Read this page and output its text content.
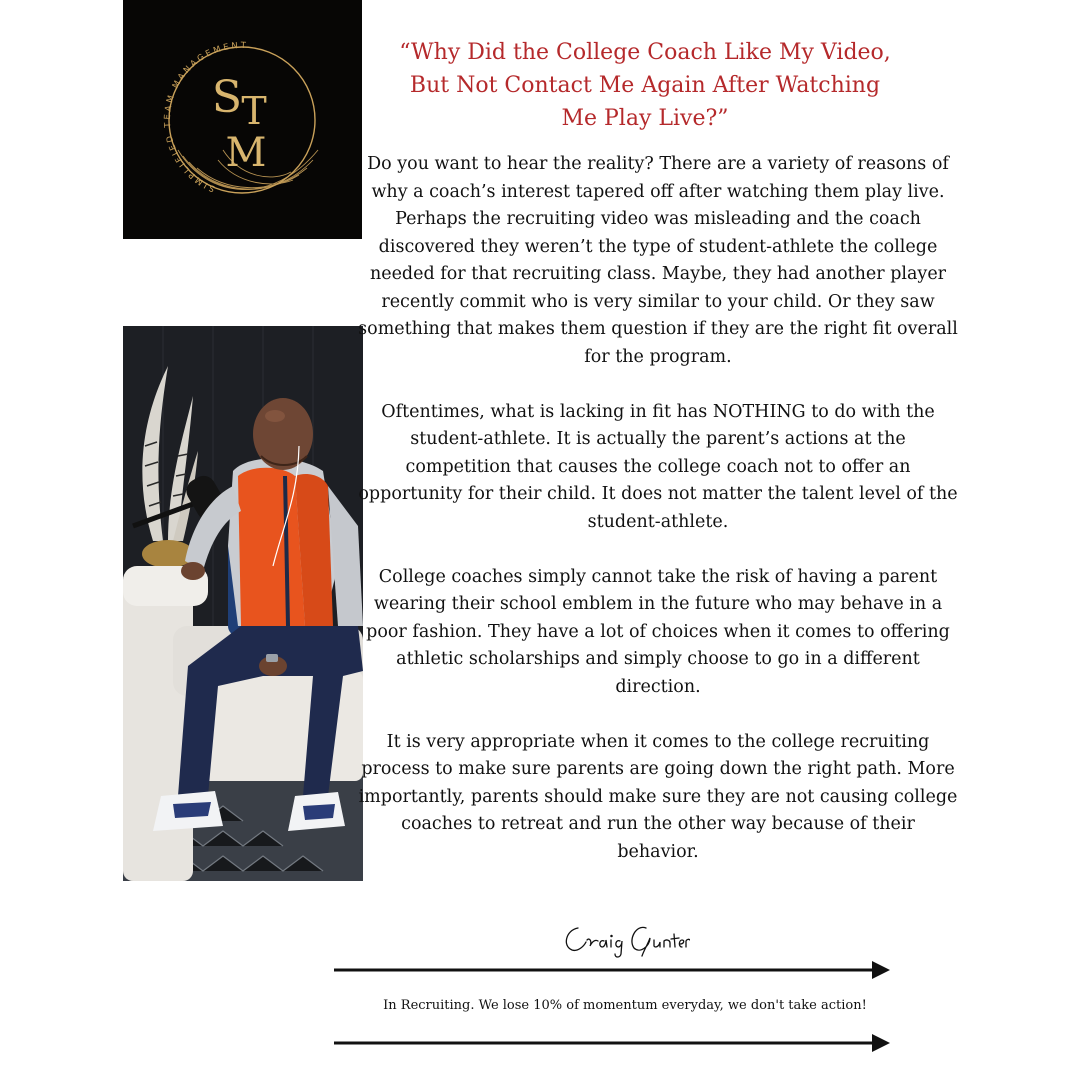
SIMPLIFIED TEAM MANAGEMENT
S T
M
“Why Did the College Coach Like My Video,
But Not Contact Me Again After Watching
Me Play Live?”

Do you want to hear the reality? There are a variety of reasons of why a coach’s interest tapered off after watching them play live. Perhaps the recruiting video was misleading and the coach discovered they weren’t the type of student-athlete the college needed for that recruiting class. Maybe, they had another player recently commit who is very similar to your child. Or they saw something that makes them question if they are the right fit overall for the program.

Oftentimes, what is lacking in fit has NOTHING to do with the student-athlete. It is actually the parent’s actions at the competition that causes the college coach not to offer an opportunity for their child. It does not matter the talent level of the student-athlete.

College coaches simply cannot take the risk of having a parent wearing their school emblem in the future who may behave in a poor fashion. They have a lot of choices when it comes to offering athletic scholarships and simply choose to go in a different direction.

It is very appropriate when it comes to the college recruiting process to make sure parents are going down the right path. More importantly, parents should make sure they are not causing college coaches to retreat and run the other way because of their behavior.

In Recruiting. We lose 10% of momentum everyday, we don't take action!
